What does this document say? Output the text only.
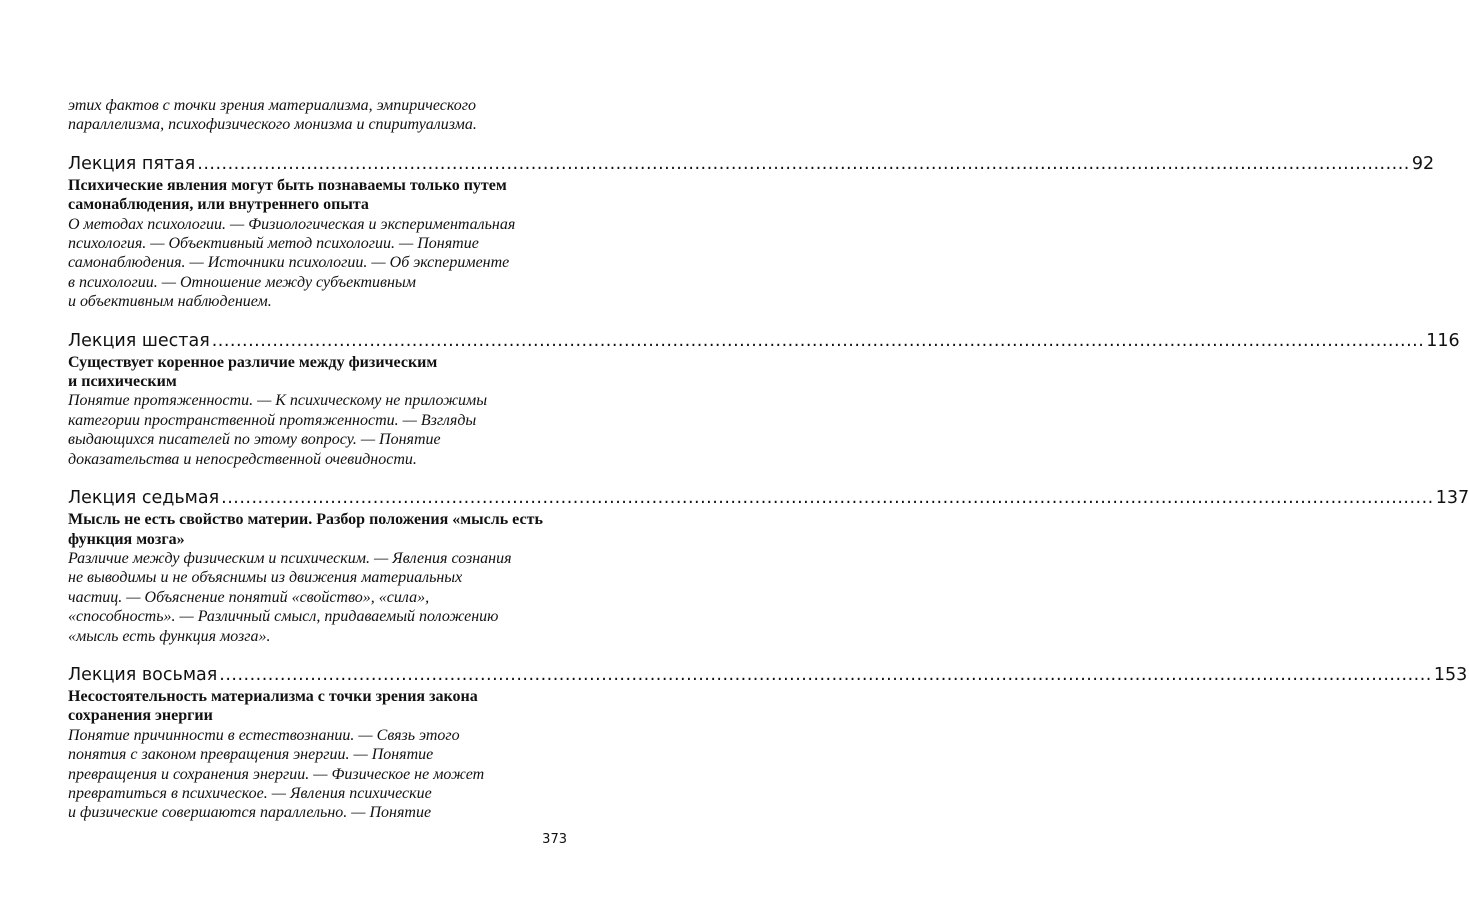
этих фактов с точки зрения материализма, эмпирического
параллелизма, психофизического монизма и спиритуализма.
Лекция пятая ........................................................................................................................................................................................................ 92
Психические явления могут быть познаваемы только путем
самонаблюдения, или внутреннего опыта
О методах психологии. — Физиологическая и экспериментальная
психология. — Объективный метод психологии. — Понятие
самонаблюдения. — Источники психологии. — Об эксперименте
в психологии. — Отношение между субъективным
и объективным наблюдением.
Лекция шестая ........................................................................................................................................................................................................ 116
Существует коренное различие между физическим
и психическим
Понятие протяженности. — К психическому не приложимы
категории пространственной протяженности. — Взгляды
выдающихся писателей по этому вопросу. — Понятие
доказательства и непосредственной очевидности.
Лекция седьмая ........................................................................................................................................................................................................ 137
Мысль не есть свойство материи. Разбор положения «мысль есть
функция мозга»
Различие между физическим и психическим. — Явления сознания
не выводимы и не объяснимы из движения материальных
частиц. — Объяснение понятий «свойство», «сила»,
«способность». — Различный смысл, придаваемый положению
«мысль есть функция мозга».
Лекция восьмая ........................................................................................................................................................................................................ 153
Несостоятельность материализма с точки зрения закона
сохранения энергии
Понятие причинности в естествознании. — Связь этого
понятия с законом превращения энергии. — Понятие
превращения и сохранения энергии. — Физическое не может
превратиться в психическое. — Явления психические
и физические совершаются параллельно. — Понятие
373
